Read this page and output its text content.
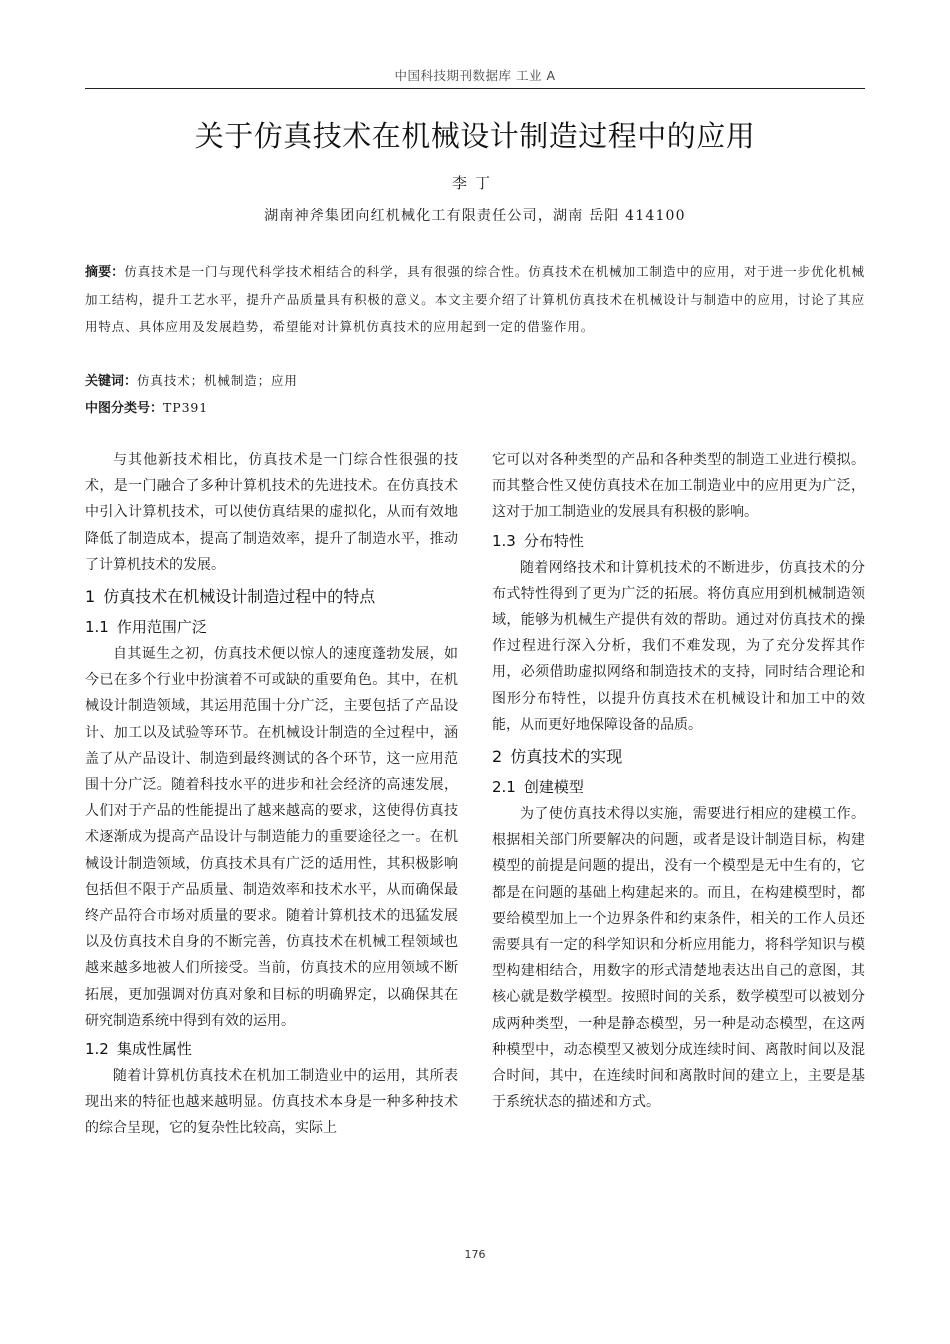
中国科技期刊数据库 工业 A
关于仿真技术在机械设计制造过程中的应用
李丁
湖南神斧集团向红机械化工有限责任公司，湖南 岳阳 414100
摘要：仿真技术是一门与现代科学技术相结合的科学，具有很强的综合性。仿真技术在机械加工制造中的应用，对于进一步优化机械加工结构，提升工艺水平，提升产品质量具有积极的意义。本文主要介绍了计算机仿真技术在机械设计与制造中的应用，讨论了其应用特点、具体应用及发展趋势，希望能对计算机仿真技术的应用起到一定的借鉴作用。
关键词：仿真技术；机械制造；应用
中图分类号：TP391

与其他新技术相比，仿真技术是一门综合性很强的技术，是一门融合了多种计算机技术的先进技术。在仿真技术中引入计算机技术，可以使仿真结果的虚拟化，从而有效地降低了制造成本，提高了制造效率，提升了制造水平，推动了计算机技术的发展。

1 仿真技术在机械设计制造过程中的特点
1.1 作用范围广泛

自其诞生之初，仿真技术便以惊人的速度蓬勃发展，如今已在多个行业中扮演着不可或缺的重要角色。其中，在机械设计制造领域，其运用范围十分广泛，主要包括了产品设计、加工以及试验等环节。在机械设计制造的全过程中，涵盖了从产品设计、制造到最终测试的各个环节，这一应用范围十分广泛。随着科技水平的进步和社会经济的高速发展，人们对于产品的性能提出了越来越高的要求，这使得仿真技术逐渐成为提高产品设计与制造能力的重要途径之一。在机械设计制造领域，仿真技术具有广泛的适用性，其积极影响包括但不限于产品质量、制造效率和技术水平，从而确保最终产品符合市场对质量的要求。随着计算机技术的迅猛发展以及仿真技术自身的不断完善，仿真技术在机械工程领域也越来越多地被人们所接受。当前，仿真技术的应用领域不断拓展，更加强调对仿真对象和目标的明确界定，以确保其在研究制造系统中得到有效的运用。

1.2 集成性属性

随着计算机仿真技术在机加工制造业中的运用，其所表现出来的特征也越来越明显。仿真技术本身是一种多种技术的综合呈现，它的复杂性比较高，实际上

它可以对各种类型的产品和各种类型的制造工业进行模拟。而其整合性又使仿真技术在加工制造业中的应用更为广泛，这对于加工制造业的发展具有积极的影响。

1.3 分布特性

随着网络技术和计算机技术的不断进步，仿真技术的分布式特性得到了更为广泛的拓展。将仿真应用到机械制造领域，能够为机械生产提供有效的帮助。通过对仿真技术的操作过程进行深入分析，我们不难发现，为了充分发挥其作用，必须借助虚拟网络和制造技术的支持，同时结合理论和图形分布特性，以提升仿真技术在机械设计和加工中的效能，从而更好地保障设备的品质。

2 仿真技术的实现
2.1 创建模型

为了使仿真技术得以实施，需要进行相应的建模工作。根据相关部门所要解决的问题，或者是设计制造目标，构建模型的前提是问题的提出，没有一个模型是无中生有的，它都是在问题的基础上构建起来的。而且，在构建模型时，都要给模型加上一个边界条件和约束条件，相关的工作人员还需要具有一定的科学知识和分析应用能力，将科学知识与模型构建相结合，用数字的形式清楚地表达出自己的意图，其核心就是数学模型。按照时间的关系，数学模型可以被划分成两种类型，一种是静态模型，另一种是动态模型，在这两种模型中，动态模型又被划分成连续时间、离散时间以及混合时间，其中，在连续时间和离散时间的建立上，主要是基于系统状态的描述和方式。

176
